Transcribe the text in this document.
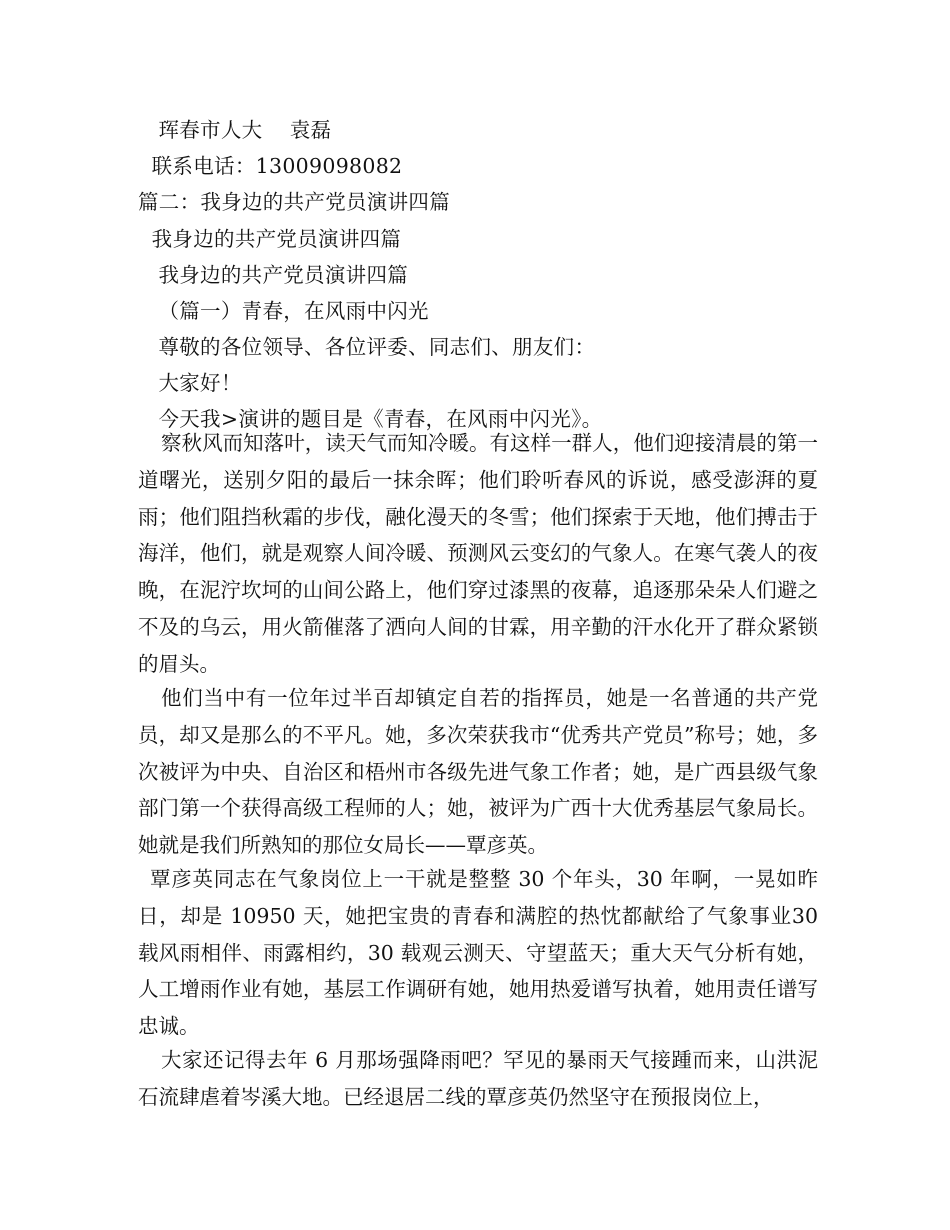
珲春市人大    袁磊
联系电话：13009098082
篇二：我身边的共产党员演讲四篇
我身边的共产党员演讲四篇
我身边的共产党员演讲四篇
（篇一）青春，在风雨中闪光
尊敬的各位领导、各位评委、同志们、朋友们：
大家好！
今天我>演讲的题目是《青春，在风雨中闪光》。
察秋风而知落叶，读天气而知冷暖。有这样一群人，他们迎接清晨的第一道曙光，送别夕阳的最后一抹余晖；他们聆听春风的诉说，感受澎湃的夏雨；他们阻挡秋霜的步伐，融化漫天的冬雪；他们探索于天地，他们搏击于海洋，他们，就是观察人间冷暖、预测风云变幻的气象人。在寒气袭人的夜晚，在泥泞坎坷的山间公路上，他们穿过漆黑的夜幕，追逐那朵朵人们避之不及的乌云，用火箭催落了洒向人间的甘霖，用辛勤的汗水化开了群众紧锁的眉头。
他们当中有一位年过半百却镇定自若的指挥员，她是一名普通的共产党员，却又是那么的不平凡。她，多次荣获我市“优秀共产党员”称号；她，多次被评为中央、自治区和梧州市各级先进气象工作者；她，是广西县级气象部门第一个获得高级工程师的人；她，被评为广西十大优秀基层气象局长。她就是我们所熟知的那位女局长——覃彦英。
覃彦英同志在气象岗位上一干就是整整 30 个年头，30 年啊，一晃如昨日，却是 10950 天，她把宝贵的青春和满腔的热忱都献给了气象事业30 载风雨相伴、雨露相约，30 载观云测天、守望蓝天；重大天气分析有她，人工增雨作业有她，基层工作调研有她，她用热爱谱写执着，她用责任谱写忠诚。
大家还记得去年 6 月那场强降雨吧？罕见的暴雨天气接踵而来，山洪泥石流肆虐着岑溪大地。已经退居二线的覃彦英仍然坚守在预报岗位上，
